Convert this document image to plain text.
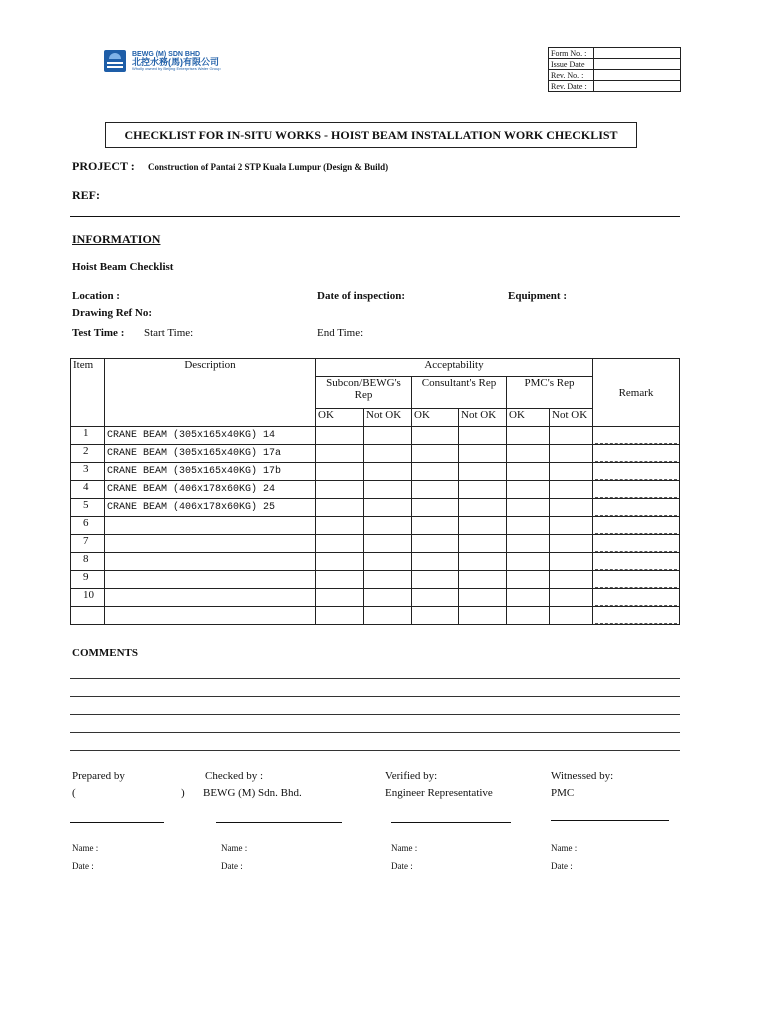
BEWG (M) SDN BHD
北控水務(馬)有限公司
Wholly owned by Beijing Enterprises Water Group
Form No. :	
Issue Date	
Rev. No. :	
Rev. Date :	
CHECKLIST FOR IN-SITU WORKS - HOIST BEAM INSTALLATION WORK CHECKLIST
PROJECT : Construction of Pantai 2 STP Kuala Lumpur (Design & Build)
REF:
INFORMATION
Hoist Beam Checklist
Location :	Date of inspection:	Equipment :
Drawing Ref No:
Test Time : Start Time:	End Time:
Item	Description	Acceptability						Remark
		Subcon/BEWG's Rep		Consultant's Rep		PMC's Rep		
		OK	Not OK	OK	Not OK	OK	Not OK	
1	CRANE BEAM (305x165x40KG) 14							
2	CRANE BEAM (305x165x40KG) 17a							
3	CRANE BEAM (305x165x40KG) 17b							
4	CRANE BEAM (406x178x60KG) 24							
5	CRANE BEAM (406x178x60KG) 25							
6								
7								
8								
9								
10								

COMMENTS
Prepared by
(	)
Checked by :
BEWG (M) Sdn. Bhd.
Verified by:
Engineer Representative
Witnessed by:
PMC
Name :
Date :
Name :
Date :
Name :
Date :
Name :
Date :
